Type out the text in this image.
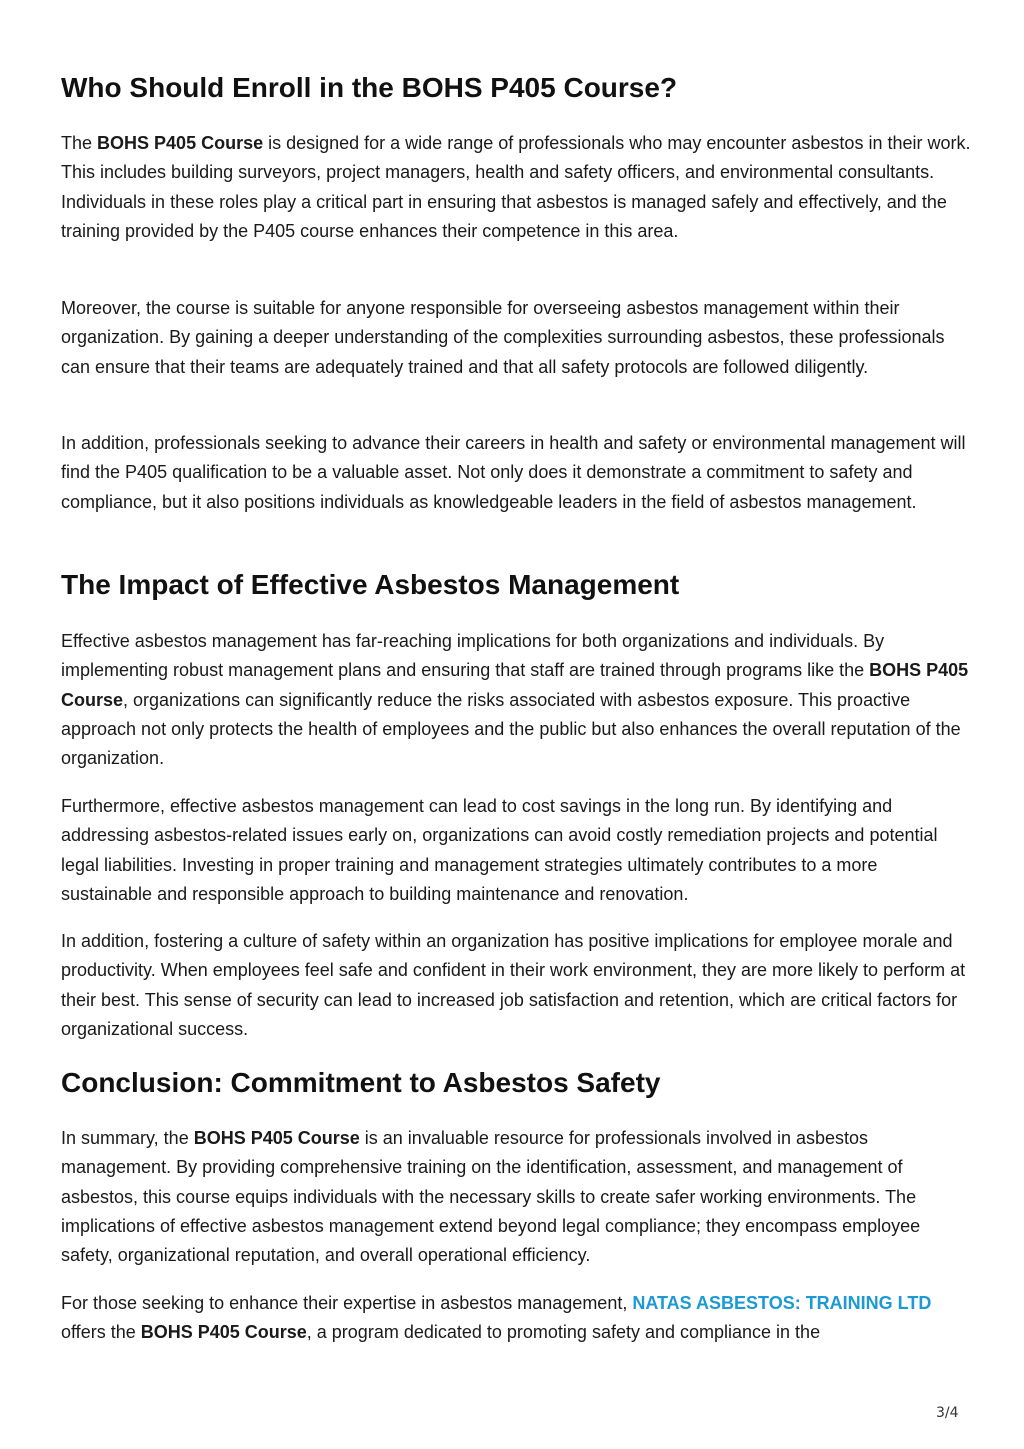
Who Should Enroll in the BOHS P405 Course?

The BOHS P405 Course is designed for a wide range of professionals who may encounter asbestos in their work. This includes building surveyors, project managers, health and safety officers, and environmental consultants. Individuals in these roles play a critical part in ensuring that asbestos is managed safely and effectively, and the training provided by the P405 course enhances their competence in this area.

Moreover, the course is suitable for anyone responsible for overseeing asbestos management within their organization. By gaining a deeper understanding of the complexities surrounding asbestos, these professionals can ensure that their teams are adequately trained and that all safety protocols are followed diligently.

In addition, professionals seeking to advance their careers in health and safety or environmental management will find the P405 qualification to be a valuable asset. Not only does it demonstrate a commitment to safety and compliance, but it also positions individuals as knowledgeable leaders in the field of asbestos management.

The Impact of Effective Asbestos Management

Effective asbestos management has far-reaching implications for both organizations and individuals. By implementing robust management plans and ensuring that staff are trained through programs like the BOHS P405 Course, organizations can significantly reduce the risks associated with asbestos exposure. This proactive approach not only protects the health of employees and the public but also enhances the overall reputation of the organization.

Furthermore, effective asbestos management can lead to cost savings in the long run. By identifying and addressing asbestos-related issues early on, organizations can avoid costly remediation projects and potential legal liabilities. Investing in proper training and management strategies ultimately contributes to a more sustainable and responsible approach to building maintenance and renovation.

In addition, fostering a culture of safety within an organization has positive implications for employee morale and productivity. When employees feel safe and confident in their work environment, they are more likely to perform at their best. This sense of security can lead to increased job satisfaction and retention, which are critical factors for organizational success.

Conclusion: Commitment to Asbestos Safety

In summary, the BOHS P405 Course is an invaluable resource for professionals involved in asbestos management. By providing comprehensive training on the identification, assessment, and management of asbestos, this course equips individuals with the necessary skills to create safer working environments. The implications of effective asbestos management extend beyond legal compliance; they encompass employee safety, organizational reputation, and overall operational efficiency.

For those seeking to enhance their expertise in asbestos management, NATAS ASBESTOS: TRAINING LTD offers the BOHS P405 Course, a program dedicated to promoting safety and compliance in the

3/4
